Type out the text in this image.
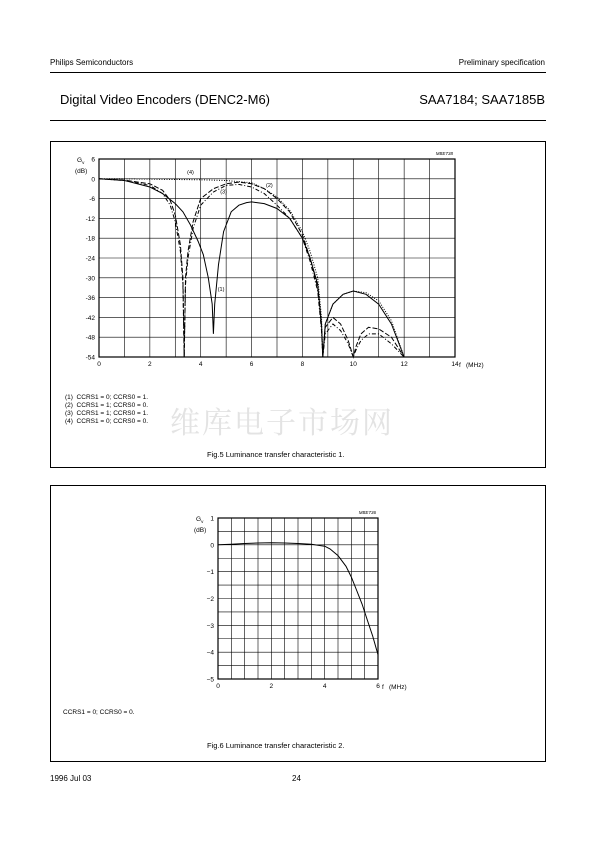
Philips Semiconductors	Preliminary specification
Digital Video Encoders (DENC2-M6)	SAA7184; SAA7185B
0	2	4	6	8	10	12	14
6
0
-6
-12
-18
-24
-30
-36
-42
-48
-54
$G_v$
(dB)
f (MHz)
MBE738
(1)
(2)
(3)
(4)
维库电子市场网
(1)  CCRS1 = 0; CCRS0 = 1.
(2)  CCRS1 = 1; CCRS0 = 0.
(3)  CCRS1 = 1; CCRS0 = 1.
(4)  CCRS1 = 0; CCRS0 = 0.
Fig.5 Luminance transfer characteristic 1.
0	2	4	6
1
0
−1
−2
−3
−4
−5
$G_v$
(dB)
f (MHz)
MBE736
CCRS1 = 0; CCRS0 = 0.
Fig.6 Luminance transfer characteristic 2.
1996 Jul 03	24
